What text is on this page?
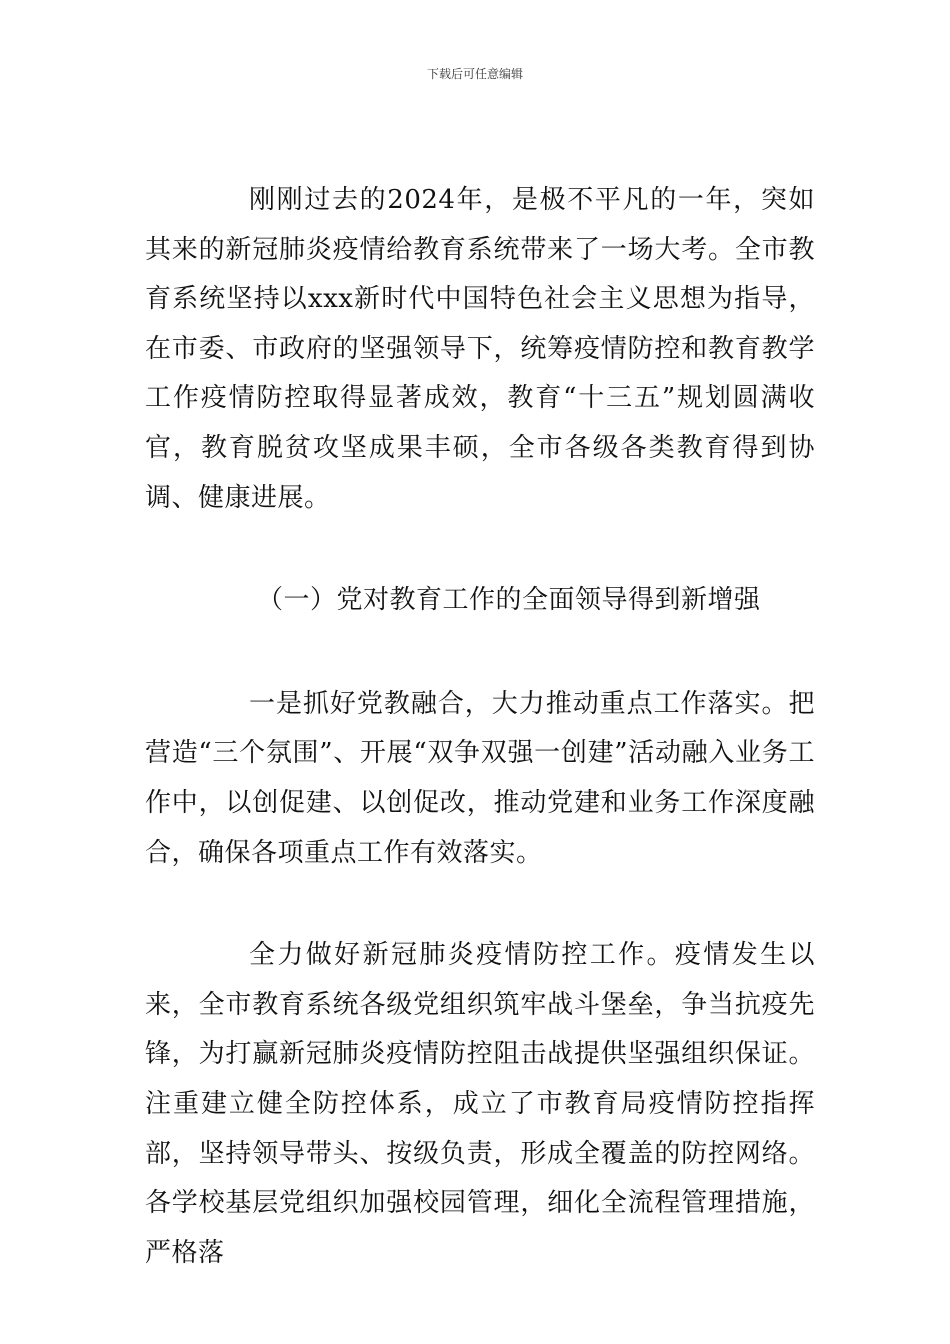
下载后可任意编辑

刚刚过去的2024年，是极不平凡的一年，突如其来的新冠肺炎疫情给教育系统带来了一场大考。全市教育系统坚持以xxx新时代中国特色社会主义思想为指导，在市委、市政府的坚强领导下，统筹疫情防控和教育教学工作疫情防控取得显著成效，教育“十三五”规划圆满收官，教育脱贫攻坚成果丰硕，全市各级各类教育得到协调、健康进展。

（一）党对教育工作的全面领导得到新增强

一是抓好党教融合，大力推动重点工作落实。把营造“三个氛围”、开展“双争双强一创建”活动融入业务工作中，以创促建、以创促改，推动党建和业务工作深度融合，确保各项重点工作有效落实。

全力做好新冠肺炎疫情防控工作。疫情发生以来，全市教育系统各级党组织筑牢战斗堡垒，争当抗疫先锋，为打赢新冠肺炎疫情防控阻击战提供坚强组织保证。注重建立健全防控体系，成立了市教育局疫情防控指挥部，坚持领导带头、按级负责，形成全覆盖的防控网络。各学校基层党组织加强校园管理，细化全流程管理措施，严格落
